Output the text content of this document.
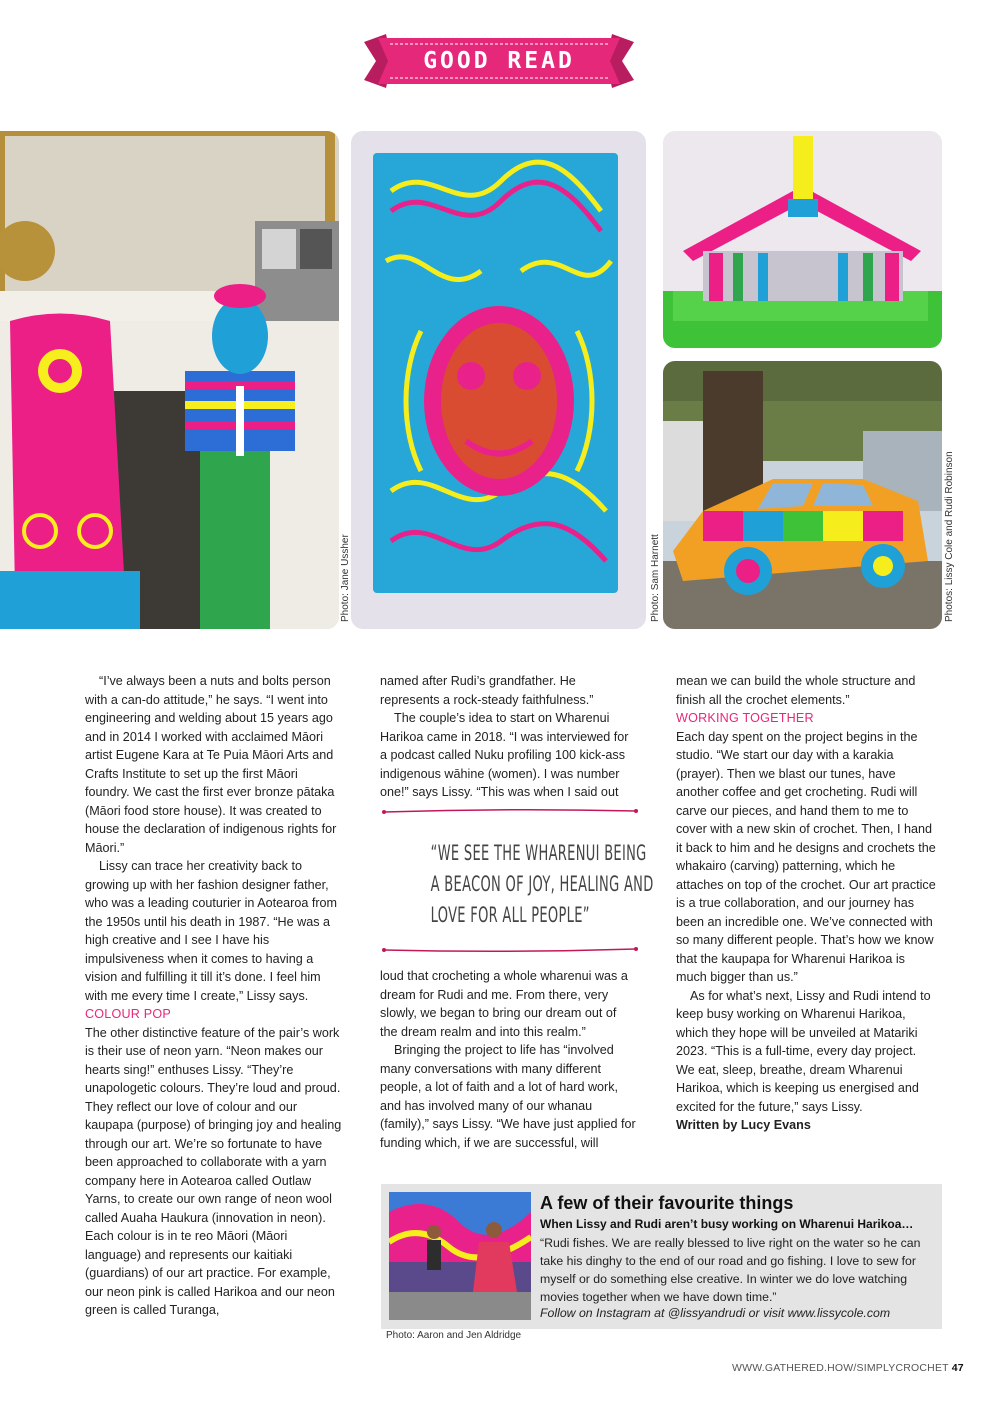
GOOD READ
Photo: Jane Ussher	Photo: Sam Harnett	Photos: Lissy Cole and Rudi Robinson

“I’ve always been a nuts and bolts person with a can-do attitude,” he says. “I went into engineering and welding about 15 years ago and in 2014 I worked with acclaimed Māori artist Eugene Kara at Te Puia Māori Arts and Crafts Institute to set up the first Māori foundry. We cast the first ever bronze pātaka (Māori food store house). It was created to house the declaration of indigenous rights for Māori.”

Lissy can trace her creativity back to growing up with her fashion designer father, who was a leading couturier in Aotearoa from the 1950s until his death in 1987. “He was a high creative and I see I have his impulsiveness when it comes to having a vision and fulfilling it till it’s done. I feel him with me every time I create,” Lissy says.

COLOUR POP

The other distinctive feature of the pair’s work is their use of neon yarn. “Neon makes our hearts sing!” enthuses Lissy. “They’re unapologetic colours. They’re loud and proud. They reflect our love of colour and our kaupapa (purpose) of bringing joy and healing through our art. We’re so fortunate to have been approached to collaborate with a yarn company here in Aotearoa called Outlaw Yarns, to create our own range of neon wool called Auaha Haukura (innovation in neon). Each colour is in te reo Māori (Māori language) and represents our kaitiaki (guardians) of our art practice. For example, our neon pink is called Harikoa and our neon green is called Turanga,

named after Rudi’s grandfather. He represents a rock-steady faithfulness.”

The couple’s idea to start on Wharenui Harikoa came in 2018. “I was interviewed for a podcast called Nuku profiling 100 kick-ass indigenous wāhine (women). I was number one!” says Lissy. “This was when I said out

“WE SEE THE WHARENUI BEING
A BEACON OF JOY, HEALING AND
LOVE FOR ALL PEOPLE”

loud that crocheting a whole wharenui was a dream for Rudi and me. From there, very slowly, we began to bring our dream out of the dream realm and into this realm.”

Bringing the project to life has “involved many conversations with many different people, a lot of faith and a lot of hard work, and has involved many of our whanau (family),” says Lissy. “We have just applied for funding which, if we are successful, will

mean we can build the whole structure and finish all the crochet elements.”

WORKING TOGETHER

Each day spent on the project begins in the studio. “We start our day with a karakia (prayer). Then we blast our tunes, have another coffee and get crocheting. Rudi will carve our pieces, and hand them to me to cover with a new skin of crochet. Then, I hand it back to him and he designs and crochets the whakairo (carving) patterning, which he attaches on top of the crochet. Our art practice is a true collaboration, and our journey has been an incredible one. We’ve connected with so many different people. That’s how we know that the kaupapa for Wharenui Harikoa is much bigger than us.”

As for what’s next, Lissy and Rudi intend to keep busy working on Wharenui Harikoa, which they hope will be unveiled at Matariki 2023. “This is a full-time, every day project. We eat, sleep, breathe, dream Wharenui Harikoa, which is keeping us energised and excited for the future,” says Lissy.

Written by Lucy Evans

A few of their favourite things
When Lissy and Rudi aren’t busy working on Wharenui Harikoa…
“Rudi fishes. We are really blessed to live right on the water so he can take his dinghy to the end of our road and go fishing. I love to sew for myself or do something else creative. In winter we do love watching movies together when we have down time.”
Follow on Instagram at @lissyandrudi or visit www.lissycole.com
Photo: Aaron and Jen Aldridge
WWW.GATHERED.HOW/SIMPLYCROCHET 47
